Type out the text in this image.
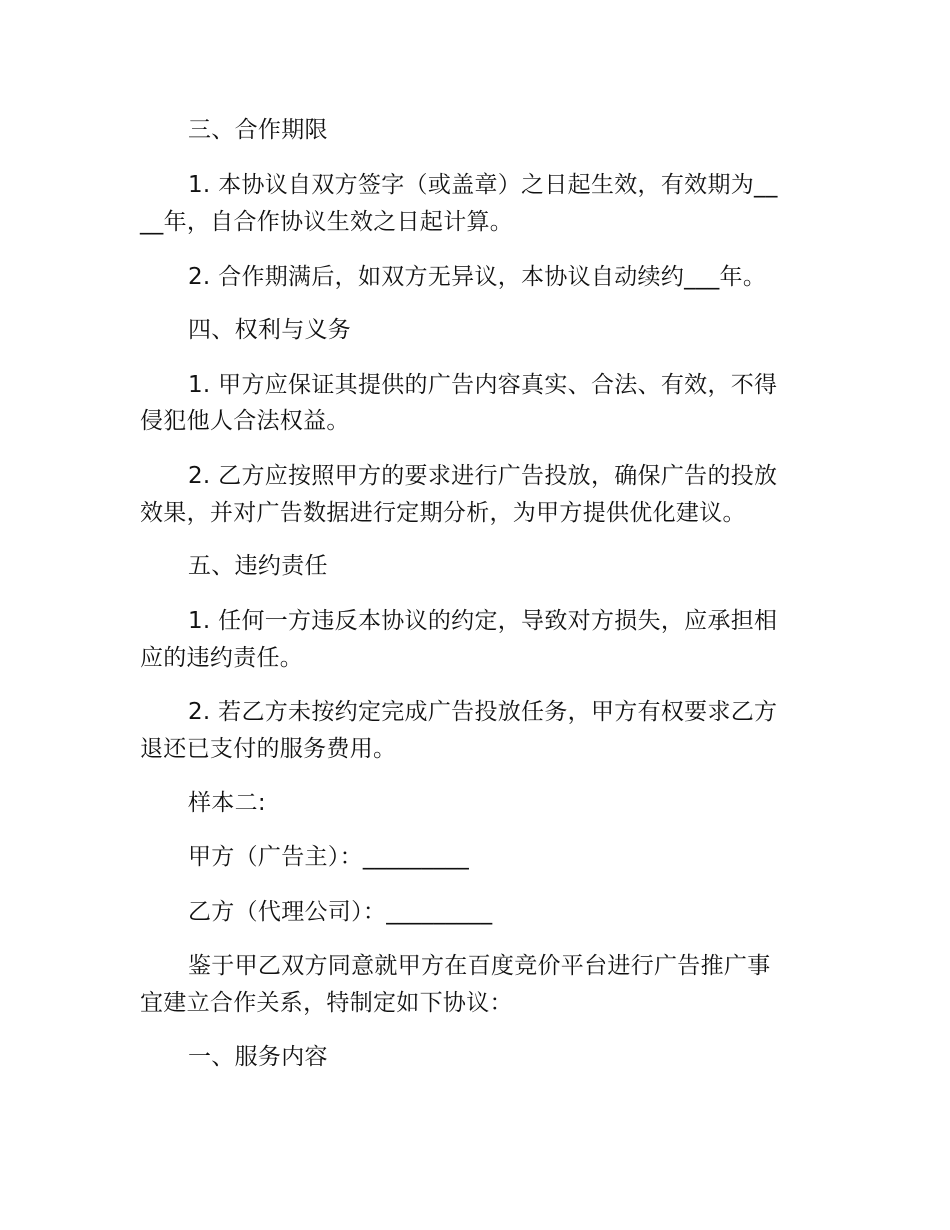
三、合作期限
1. 本协议自双方签字（或盖章）之日起生效，有效期为__
__年，自合作协议生效之日起计算。
2. 合作期满后，如双方无异议，本协议自动续约___年。
四、权利与义务
1. 甲方应保证其提供的广告内容真实、合法、有效，不得
侵犯他人合法权益。
2. 乙方应按照甲方的要求进行广告投放，确保广告的投放
效果，并对广告数据进行定期分析，为甲方提供优化建议。
五、违约责任
1. 任何一方违反本协议的约定，导致对方损失，应承担相
应的违约责任。
2. 若乙方未按约定完成广告投放任务，甲方有权要求乙方
退还已支付的服务费用。
样本二:
甲方（广告主）：_________
乙方（代理公司）：_________
鉴于甲乙双方同意就甲方在百度竞价平台进行广告推广事
宜建立合作关系，特制定如下协议：
一、服务内容
